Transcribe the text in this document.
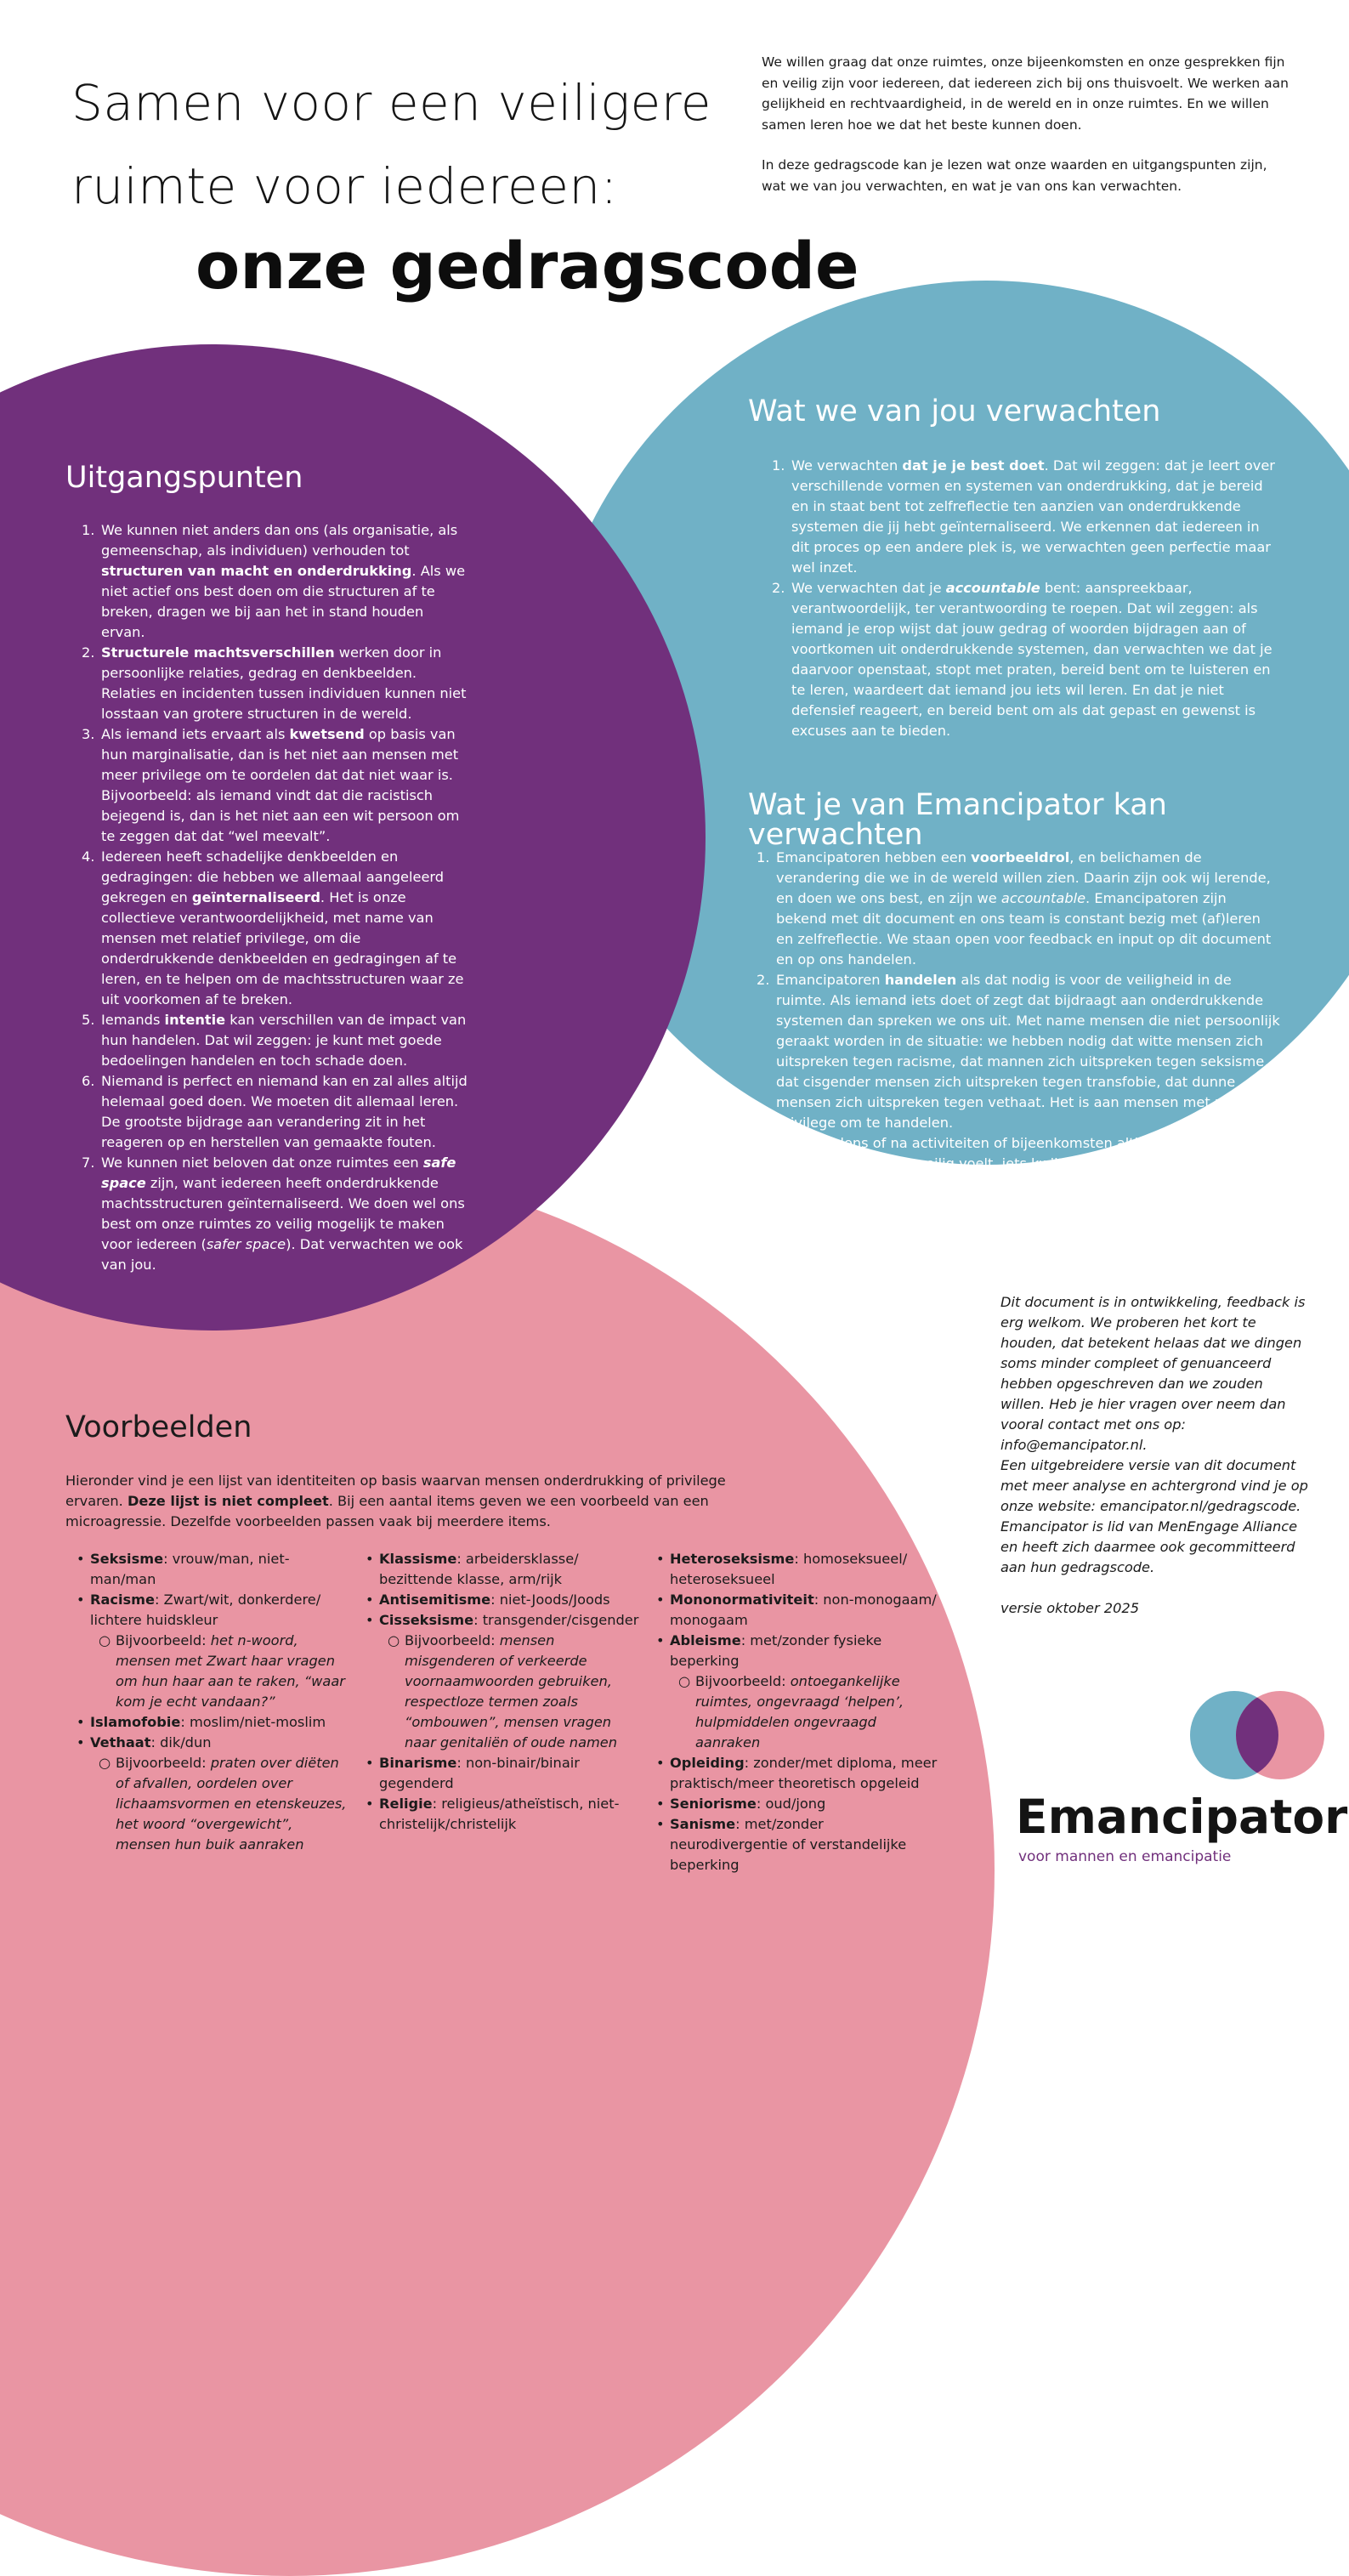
Samen voor een veiligere
ruimte voor iedereen:
onze gedragscode

We willen graag dat onze ruimtes, onze bijeenkomsten en onze gesprekken fijn en veilig zijn voor iedereen, dat iedereen zich bij ons thuisvoelt. We werken aan gelijkheid en rechtvaardigheid, in de wereld en in onze ruimtes. En we willen samen leren hoe we dat het beste kunnen doen.

In deze gedragscode kan je lezen wat onze waarden en uitgangspunten zijn, wat we van jou verwachten, en wat je van ons kan verwachten.

Uitgangspunten
1. We kunnen niet anders dan ons (als organisatie, als gemeenschap, als individuen) verhouden tot structuren van macht en onderdrukking. Als we niet actief ons best doen om die structuren af te breken, dragen we bij aan het in stand houden ervan.
2. Structurele machtsverschillen werken door in persoonlijke relaties, gedrag en denkbeelden. Relaties en incidenten tussen individuen kunnen niet losstaan van grotere structuren in de wereld.
3. Als iemand iets ervaart als kwetsend op basis van hun marginalisatie, dan is het niet aan mensen met meer privilege om te oordelen dat dat niet waar is. Bijvoorbeeld: als iemand vindt dat die racistisch bejegend is, dan is het niet aan een wit persoon om te zeggen dat dat “wel meevalt”.
4. Iedereen heeft schadelijke denkbeelden en gedragingen: die hebben we allemaal aangeleerd gekregen en geïnternaliseerd. Het is onze collectieve verantwoordelijkheid, met name van mensen met relatief privilege, om die onderdrukkende denkbeelden en gedragingen af te leren, en te helpen om de machtsstructuren waar ze uit voorkomen af te breken.
5. Iemands intentie kan verschillen van de impact van hun handelen. Dat wil zeggen: je kunt met goede bedoelingen handelen en toch schade doen.
6. Niemand is perfect en niemand kan en zal alles altijd helemaal goed doen. We moeten dit allemaal leren. De grootste bijdrage aan verandering zit in het reageren op en herstellen van gemaakte fouten.
7. We kunnen niet beloven dat onze ruimtes een safe space zijn, want iedereen heeft onderdrukkende machtsstructuren geïnternaliseerd. We doen wel ons best om onze ruimtes zo veilig mogelijk te maken voor iedereen (safer space). Dat verwachten we ook van jou.
Wat we van jou verwachten
1. We verwachten dat je je best doet. Dat wil zeggen: dat je leert over verschillende vormen en systemen van onderdrukking, dat je bereid en in staat bent tot zelfreflectie ten aanzien van onderdrukkende systemen die jij hebt geïnternaliseerd. We erkennen dat iedereen in dit proces op een andere plek is, we verwachten geen perfectie maar wel inzet.
2. We verwachten dat je accountable bent: aanspreekbaar, verantwoordelijk, ter verantwoording te roepen. Dat wil zeggen: als iemand je erop wijst dat jouw gedrag of woorden bijdragen aan of voortkomen uit onderdrukkende systemen, dan verwachten we dat je daarvoor openstaat, stopt met praten, bereid bent om te luisteren en te leren, waardeert dat iemand jou iets wil leren. En dat je niet defensief reageert, en bereid bent om als dat gepast en gewenst is excuses aan te bieden.
Wat je van Emancipator kan verwachten
1. Emancipatoren hebben een voorbeeldrol, en belichamen de verandering die we in de wereld willen zien. Daarin zijn ook wij lerende, en doen we ons best, en zijn we accountable. Emancipatoren zijn bekend met dit document en ons team is constant bezig met (af)leren en zelfreflectie. We staan open voor feedback en input op dit document en op ons handelen.
2. Emancipatoren handelen als dat nodig is voor de veiligheid in de ruimte. Als iemand iets doet of zegt dat bijdraagt aan onderdrukkende systemen dan spreken we ons uit. Met name mensen die niet persoonlijk geraakt worden in de situatie: we hebben nodig dat witte mensen zich uitspreken tegen racisme, dat mannen zich uitspreken tegen seksisme, dat cisgender mensen zich uitspreken tegen transfobie, dat dunne mensen zich uitspreken tegen vethaat. Het is aan mensen met relatief privilege om te handelen.
3. Je kan tijdens of na activiteiten of bijeenkomsten altijd bij emancipatoren terecht als je je niet veilig voelt, iets kwijt wil, of iets anders nodig hebt. Via emancipator.nl/accountability kan je ook (evt. anoniem) dingen kwijt.
Voorbeelden

Hieronder vind je een lijst van identiteiten op basis waarvan mensen onderdrukking of privilege ervaren. Deze lijst is niet compleet. Bij een aantal items geven we een voorbeeld van een microagressie. Dezelfde voorbeelden passen vaak bij meerdere items.

• Seksisme: vrouw/man, niet-man/man
• Racisme: Zwart/wit, donkerdere/ lichtere huidskleur
○ Bijvoorbeeld: het n-woord, mensen met Zwart haar vragen om hun haar aan te raken, “waar kom je echt vandaan?”
• Islamofobie: moslim/niet-moslim
• Vethaat: dik/dun
○ Bijvoorbeeld: praten over diëten of afvallen, oordelen over lichaamsvormen en etenskeuzes, het woord “overgewicht”, mensen hun buik aanraken
• Klassisme: arbeidersklasse/ bezittende klasse, arm/rijk
• Antisemitisme: niet-Joods/Joods
• Cisseksisme: transgender/cisgender
○ Bijvoorbeeld: mensen misgenderen of verkeerde voornaamwoorden gebruiken, respectloze termen zoals “ombouwen”, mensen vragen naar genitaliën of oude namen
• Binarisme: non-binair/binair gegenderd
• Religie: religieus/atheïstisch, niet-christelijk/christelijk
• Heteroseksisme: homoseksueel/ heteroseksueel
• Mononormativiteit: non-monogaam/ monogaam
• Ableisme: met/zonder fysieke beperking
○ Bijvoorbeeld: ontoegankelijke ruimtes, ongevraagd ‘helpen’, hulpmiddelen ongevraagd aanraken
• Opleiding: zonder/met diploma, meer praktisch/meer theoretisch opgeleid
• Seniorisme: oud/jong
• Sanisme: met/zonder neurodivergentie of verstandelijke beperking

Dit document is in ontwikkeling, feedback is erg welkom. We proberen het kort te houden, dat betekent helaas dat we dingen soms minder compleet of genuanceerd hebben opgeschreven dan we zouden willen. Heb je hier vragen over neem dan vooral contact met ons op: info@emancipator.nl.

Een uitgebreidere versie van dit document met meer analyse en achtergrond vind je op onze website: emancipator.nl/gedragscode. Emancipator is lid van MenEngage Alliance en heeft zich daarmee ook gecommitteerd aan hun gedragscode.

versie oktober 2025

Emancipator

voor mannen en emancipatie
